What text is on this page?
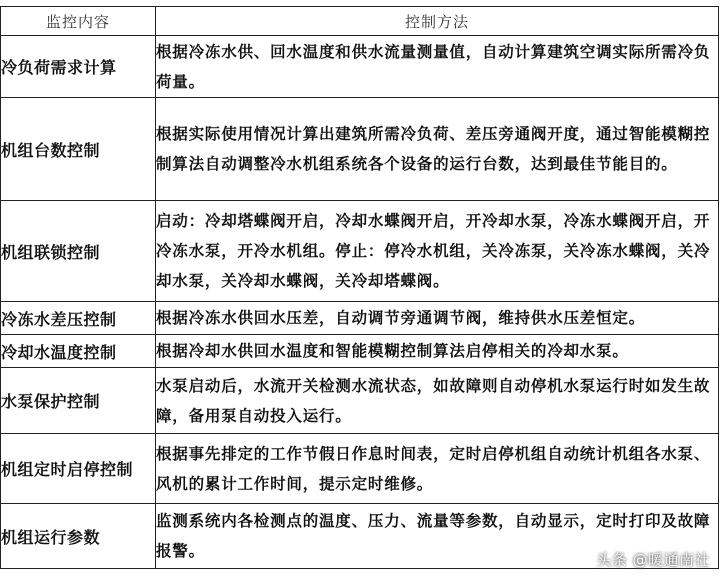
监控内容	控制方法
冷负荷需求计算	根据冷冻水供、回水温度和供水流量测量值，自动计算建筑空调实际所需冷负荷量。
机组台数控制	根据实际使用情况计算出建筑所需冷负荷、差压旁通阀开度，通过智能模糊控制算法自动调整冷水机组系统各个设备的运行台数，达到最佳节能目的。
机组联锁控制	启动：冷却塔蝶阀开启，冷却水蝶阀开启，开冷却水泵，冷冻水蝶阀开启，开冷冻水泵，开冷水机组。停止：停冷水机组，关冷冻泵，关冷冻水蝶阀，关冷却水泵，关冷却水蝶阀，关冷却塔蝶阀。
冷冻水差压控制	根据冷冻水供回水压差，自动调节旁通调节阀，维持供水压差恒定。
冷却水温度控制	根据冷却水供回水温度和智能模糊控制算法启停相关的冷却水泵。
水泵保护控制	水泵启动后，水流开关检测水流状态，如故障则自动停机水泵运行时如发生故障，备用泵自动投入运行。
机组定时启停控制	根据事先排定的工作节假日作息时间表，定时启停机组自动统计机组各水泵、风机的累计工作时间，提示定时维修。
机组运行参数	监测系统内各检测点的温度、压力、流量等参数，自动显示，定时打印及故障报警。	头条 @暖通南社
